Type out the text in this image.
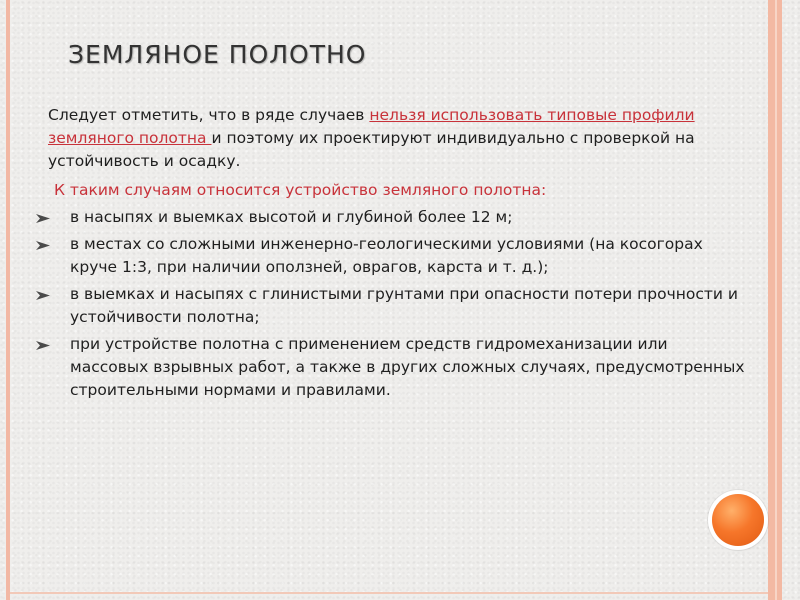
ЗЕМЛЯНОЕ ПОЛОТНО

Следует отметить, что в ряде случаев нельзя использовать типовые профили земляного полотна и поэтому их проектируют индивидуально с проверкой на устойчивость и осадку.

К таким случаям относится устройство земляного полотна:

в насыпях и выемках высотой и глубиной более 12 м;
в местах со сложными инженерно-геологическими условиями (на косогорах круче 1:3, при наличии оползней, оврагов, карста и т. д.);
в выемках и насыпях с глинистыми грунтами при опасности потери прочности и устойчивости полотна;
при устройстве полотна с применением средств гидромеханизации или массовых взрывных работ, а также в других сложных случаях, предусмотренных строительными нормами и правилами.
